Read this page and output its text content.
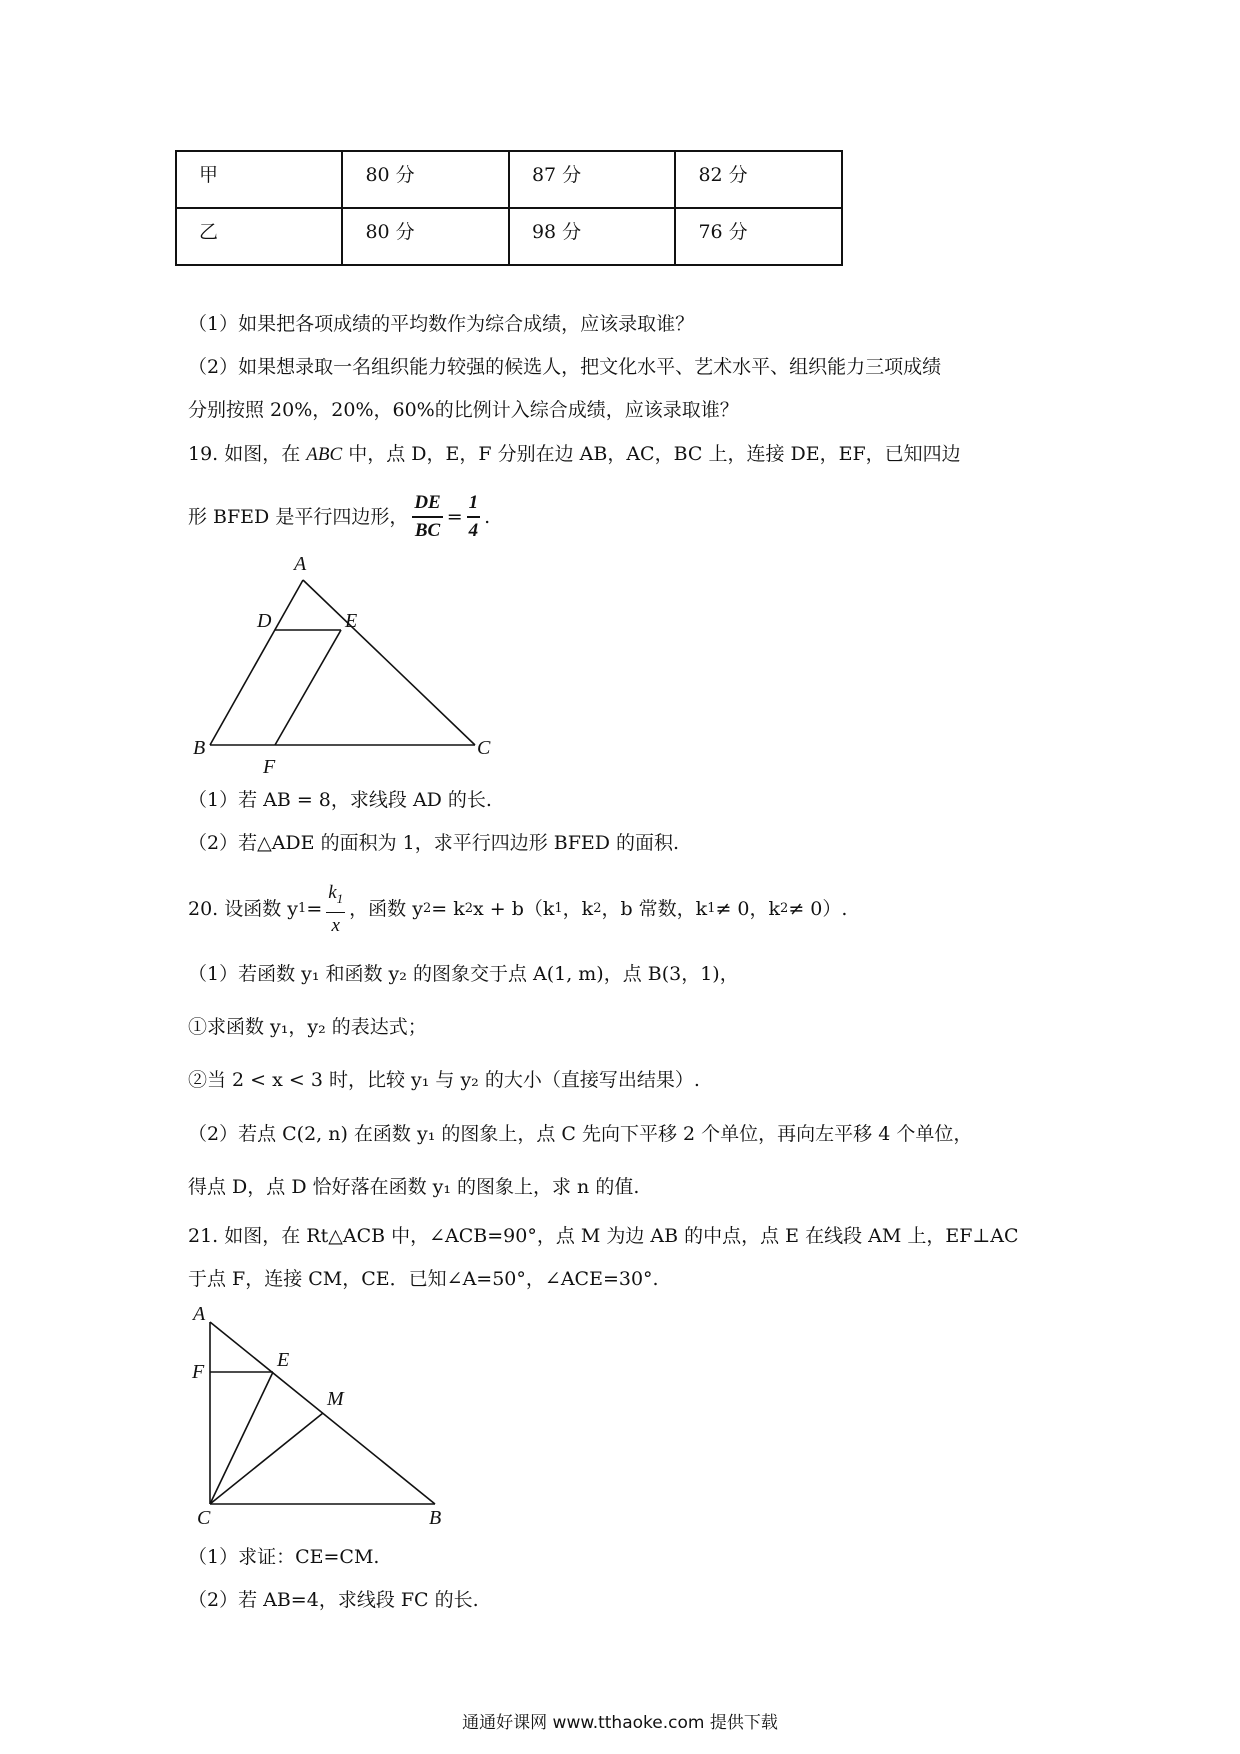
甲	80 分	87 分	82 分
乙	80 分	98 分	76 分
（1）如果把各项成绩的平均数作为综合成绩，应该录取谁？
（2）如果想录取一名组织能力较强的候选人，把文化水平、艺术水平、组织能力三项成绩
分别按照 20%，20%，60%的比例计入综合成绩，应该录取谁？
19. 如图，在 ABC 中，点 D，E，F 分别在边 AB，AC，BC 上，连接 DE，EF，已知四边
形 BFED 是平行四边形， $\frac{DE}{BC} = \frac{1}{4}$ .
A
D	E
B
F
C
（1）若 AB = 8，求线段 AD 的长.
（2）若△ADE 的面积为 1，求平行四边形 BFED 的面积.
20. 设函数 y $1 = \frac{k_1}{x}$ ，函数 y 2 = k 2 x + b（k 1 ，k 2 ，b 常数，k 1 ≠ 0，k 2 ≠ 0）.
（1）若函数 y₁ 和函数 y₂ 的图象交于点 A(1, m)，点 B(3，1)，
①求函数 y₁，y₂ 的表达式；
②当 2 < x < 3 时，比较 y₁ 与 y₂ 的大小（直接写出结果）.
（2）若点 C(2, n) 在函数 y₁ 的图象上，点 C 先向下平移 2 个单位，再向左平移 4 个单位，
得点 D，点 D 恰好落在函数 y₁ 的图象上，求 n 的值.
21. 如图，在 Rt△ACB 中，∠ACB=90°，点 M 为边 AB 的中点，点 E 在线段 AM 上，EF⊥AC
于点 F，连接 CM，CE．已知∠A=50°，∠ACE=30°.
A
F
E
M
C	B
（1）求证：CE=CM.
（2）若 AB=4，求线段 FC 的长.
通通好课网 www.tthaoke.com 提供下载
